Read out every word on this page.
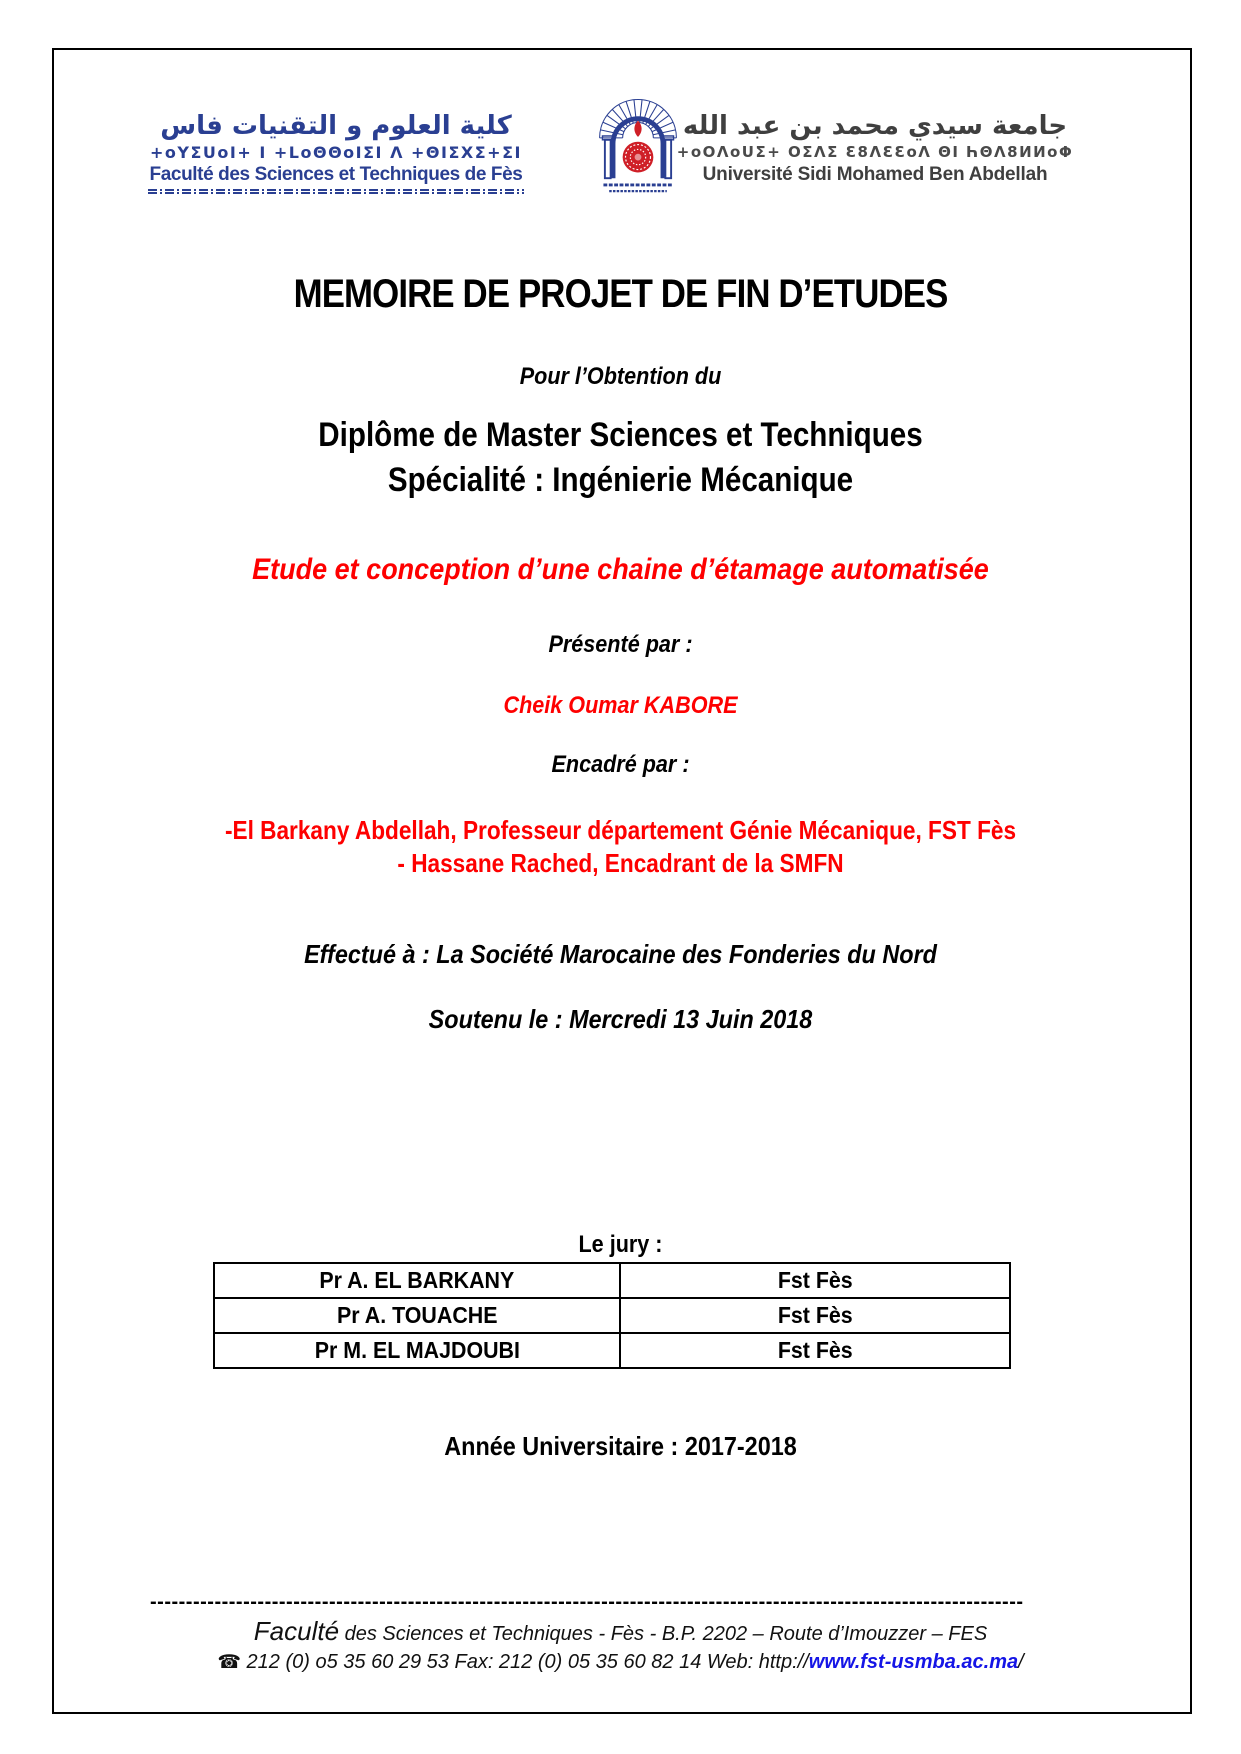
كلية العلوم و التقنيات فاس
+oYΣUoI+ I +LoΘΘoIΣI Λ +ΘΙΣXΣ+ΣΙ
Faculté des Sciences et Techniques de Fès
جامعة سيدي محمد بن عبد الله
+oOΛoUΣ+ OΣΛΣ Ɛ8ΛƐƐoΛ ΘΙ ҺΘΛ8ИИoΦ
Université Sidi Mohamed Ben Abdellah
MEMOIRE DE PROJET DE FIN D’ETUDES
Pour l’Obtention du
Diplôme de Master Sciences et Techniques
Spécialité : Ingénierie Mécanique
Etude et conception d’une chaine d’étamage automatisée
Présenté par :
Cheik Oumar KABORE
Encadré par :
-El Barkany Abdellah, Professeur département Génie Mécanique, FST Fès
- Hassane Rached, Encadrant de la SMFN
Effectué à : La Société Marocaine des Fonderies du Nord
Soutenu le : Mercredi 13 Juin 2018
Le jury :
Pr A. EL BARKANY	Fst Fès
Pr A. TOUACHE	Fst Fès
Pr M. EL MAJDOUBI	Fst Fès
Année Universitaire : 2017-2018
--------------------------------------------------------------------------------------------------------------------------
Faculté des Sciences et Techniques - Fès - B.P. 2202 – Route d’Imouzzer – FES
☎ 212 (0) o5 35 60 29 53 Fax: 212 (0) 05 35 60 82 14 Web: http://www.fst-usmba.ac.ma/
